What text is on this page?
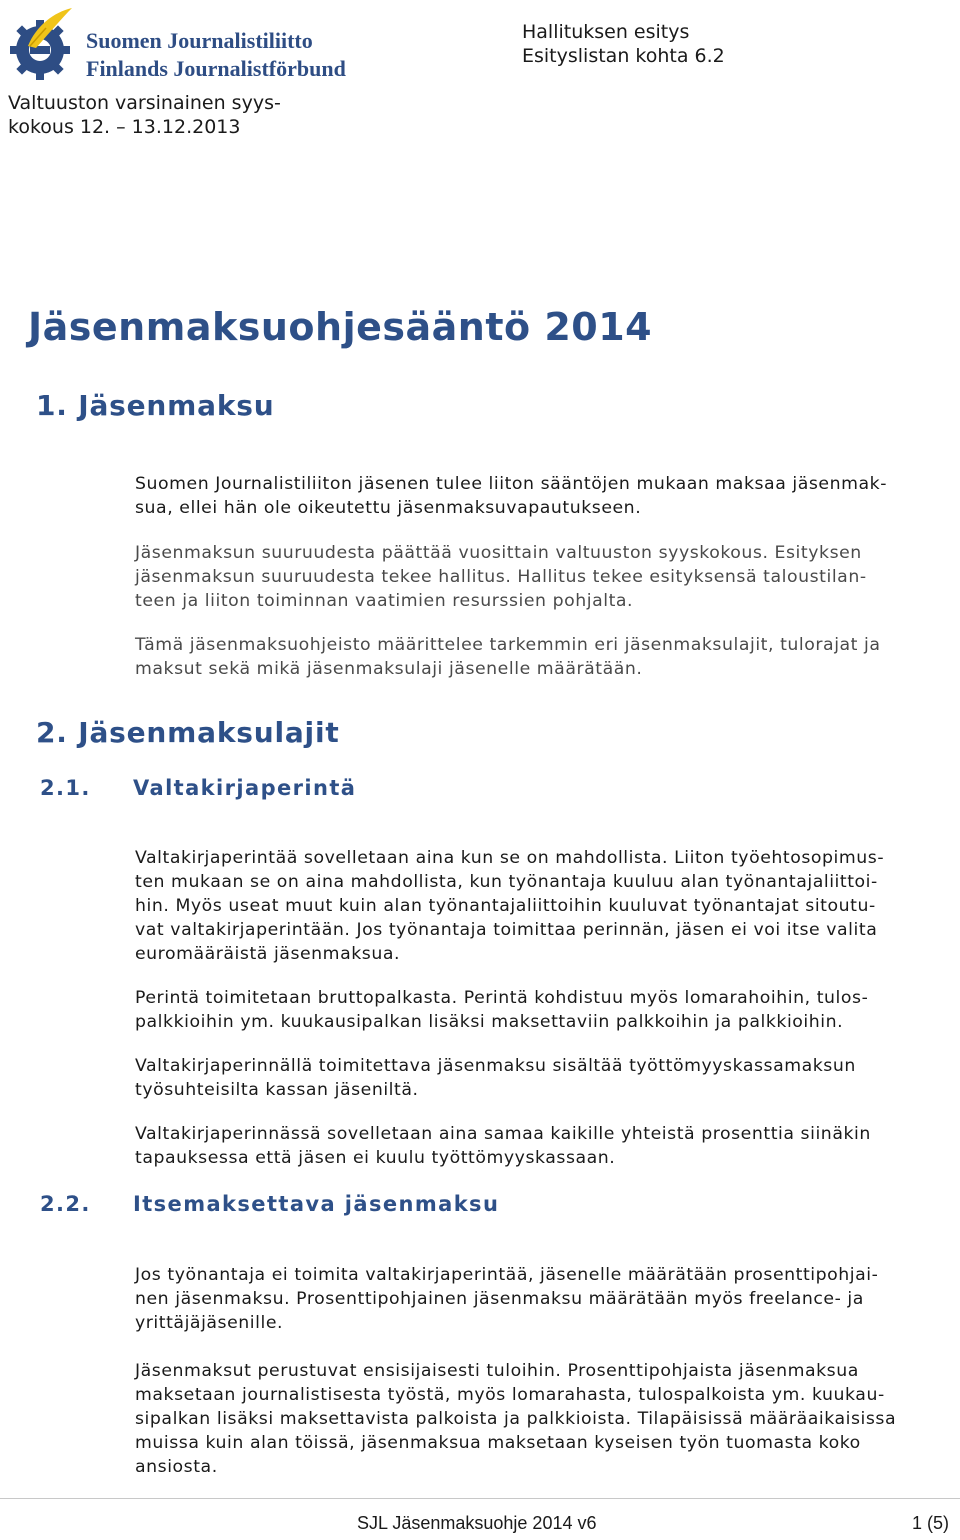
Suomen Journalistiliitto
Finlands Journalistförbund
Hallituksen esitys
Esityslistan kohta 6.2
Valtuuston varsinainen syys-
kokous 12. – 13.12.2013
Jäsenmaksuohjesääntö 2014
1. Jäsenmaksu

Suomen Journalistiliiton jäsenen tulee liiton sääntöjen mukaan maksaa jäsenmak-

sua, ellei hän ole oikeutettu jäsenmaksuvapautukseen.

Jäsenmaksun suuruudesta päättää vuosittain valtuuston syyskokous. Esityksen

jäsenmaksun suuruudesta tekee hallitus. Hallitus tekee esityksensä taloustilan-

teen ja liiton toiminnan vaatimien resurssien pohjalta.

Tämä jäsenmaksuohjeisto määrittelee tarkemmin eri jäsenmaksulajit, tulorajat ja

maksut sekä mikä jäsenmaksulaji jäsenelle määrätään.

2. Jäsenmaksulajit
2.1. Valtakirjaperintä

Valtakirjaperintää sovelletaan aina kun se on mahdollista. Liiton työehtosopimus-

ten mukaan se on aina mahdollista, kun työnantaja kuuluu alan työnantajaliittoi-

hin. Myös useat muut kuin alan työnantajaliittoihin kuuluvat työnantajat sitoutu-

vat valtakirjaperintään. Jos työnantaja toimittaa perinnän, jäsen ei voi itse valita

euromääräistä jäsenmaksua.

Perintä toimitetaan bruttopalkasta. Perintä kohdistuu myös lomarahoihin, tulos-

palkkioihin ym. kuukausipalkan lisäksi maksettaviin palkkoihin ja palkkioihin.

Valtakirjaperinnällä toimitettava jäsenmaksu sisältää työttömyyskassamaksun

työsuhteisilta kassan jäseniltä.

Valtakirjaperinnässä sovelletaan aina samaa kaikille yhteistä prosenttia siinäkin

tapauksessa että jäsen ei kuulu työttömyyskassaan.

2.2. Itsemaksettava jäsenmaksu

Jos työnantaja ei toimita valtakirjaperintää, jäsenelle määrätään prosenttipohjai-

nen jäsenmaksu. Prosenttipohjainen jäsenmaksu määrätään myös freelance- ja

yrittäjäjäsenille.

Jäsenmaksut perustuvat ensisijaisesti tuloihin. Prosenttipohjaista jäsenmaksua

maksetaan journalistisesta työstä, myös lomarahasta, tulospalkoista ym. kuukau-

sipalkan lisäksi maksettavista palkoista ja palkkioista. Tilapäisissä määräaikaisissa

muissa kuin alan töissä, jäsenmaksua maksetaan kyseisen työn tuomasta koko

ansiosta.

SJL Jäsenmaksuohje 2014 v6	1 (5)
